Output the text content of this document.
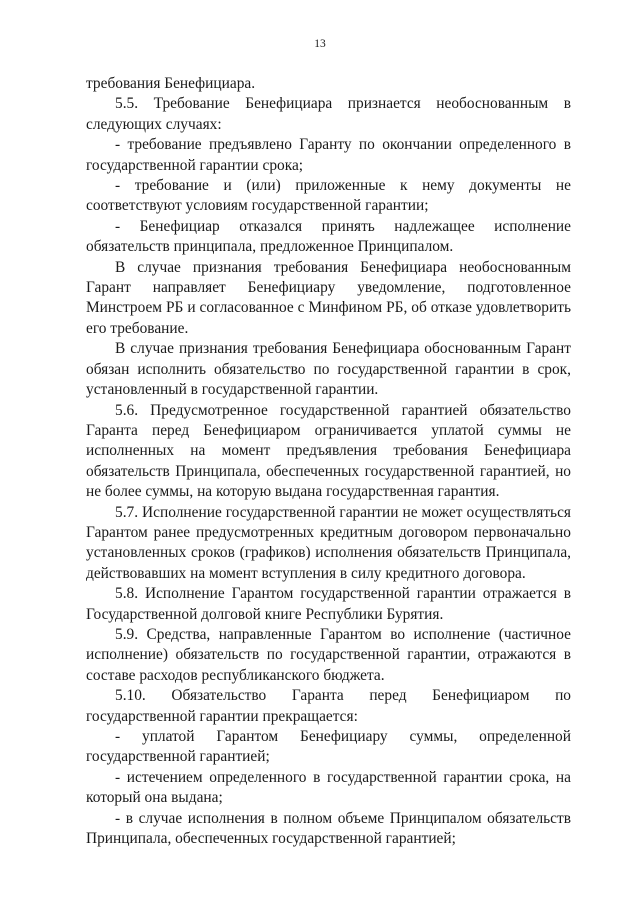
13

требования Бенефициара.

5.5. Требование Бенефициара признается необоснованным в следующих случаях:

- требование предъявлено Гаранту по окончании определенного в государственной гарантии срока;

- требование и (или) приложенные к нему документы не соответствуют условиям государственной гарантии;

- Бенефициар отказался принять надлежащее исполнение обязательств принципала, предложенное Принципалом.

В случае признания требования Бенефициара необоснованным Гарант направляет Бенефициару уведомление, подготовленное Минстроем РБ и согласованное с Минфином РБ, об отказе удовлетворить его требование.

В случае признания требования Бенефициара обоснованным Гарант обязан исполнить обязательство по государственной гарантии в срок, установленный в государственной гарантии.

5.6. Предусмотренное государственной гарантией обязательство Гаранта перед Бенефициаром ограничивается уплатой суммы не исполненных на момент предъявления требования Бенефициара обязательств Принципала, обеспеченных государственной гарантией, но не более суммы, на которую выдана государственная гарантия.

5.7. Исполнение государственной гарантии не может осуществляться Гарантом ранее предусмотренных кредитным договором первоначально установленных сроков (графиков) исполнения обязательств Принципала, действовавших на момент вступления в силу кредитного договора.

5.8. Исполнение Гарантом государственной гарантии отражается в Государственной долговой книге Республики Бурятия.

5.9. Средства, направленные Гарантом во исполнение (частичное исполнение) обязательств по государственной гарантии, отражаются в составе расходов республиканского бюджета.

5.10. Обязательство Гаранта перед Бенефициаром по государственной гарантии прекращается:

- уплатой Гарантом Бенефициару суммы, определенной государственной гарантией;

- истечением определенного в государственной гарантии срока, на который она выдана;

- в случае исполнения в полном объеме Принципалом обязательств Принципала, обеспеченных государственной гарантией;
